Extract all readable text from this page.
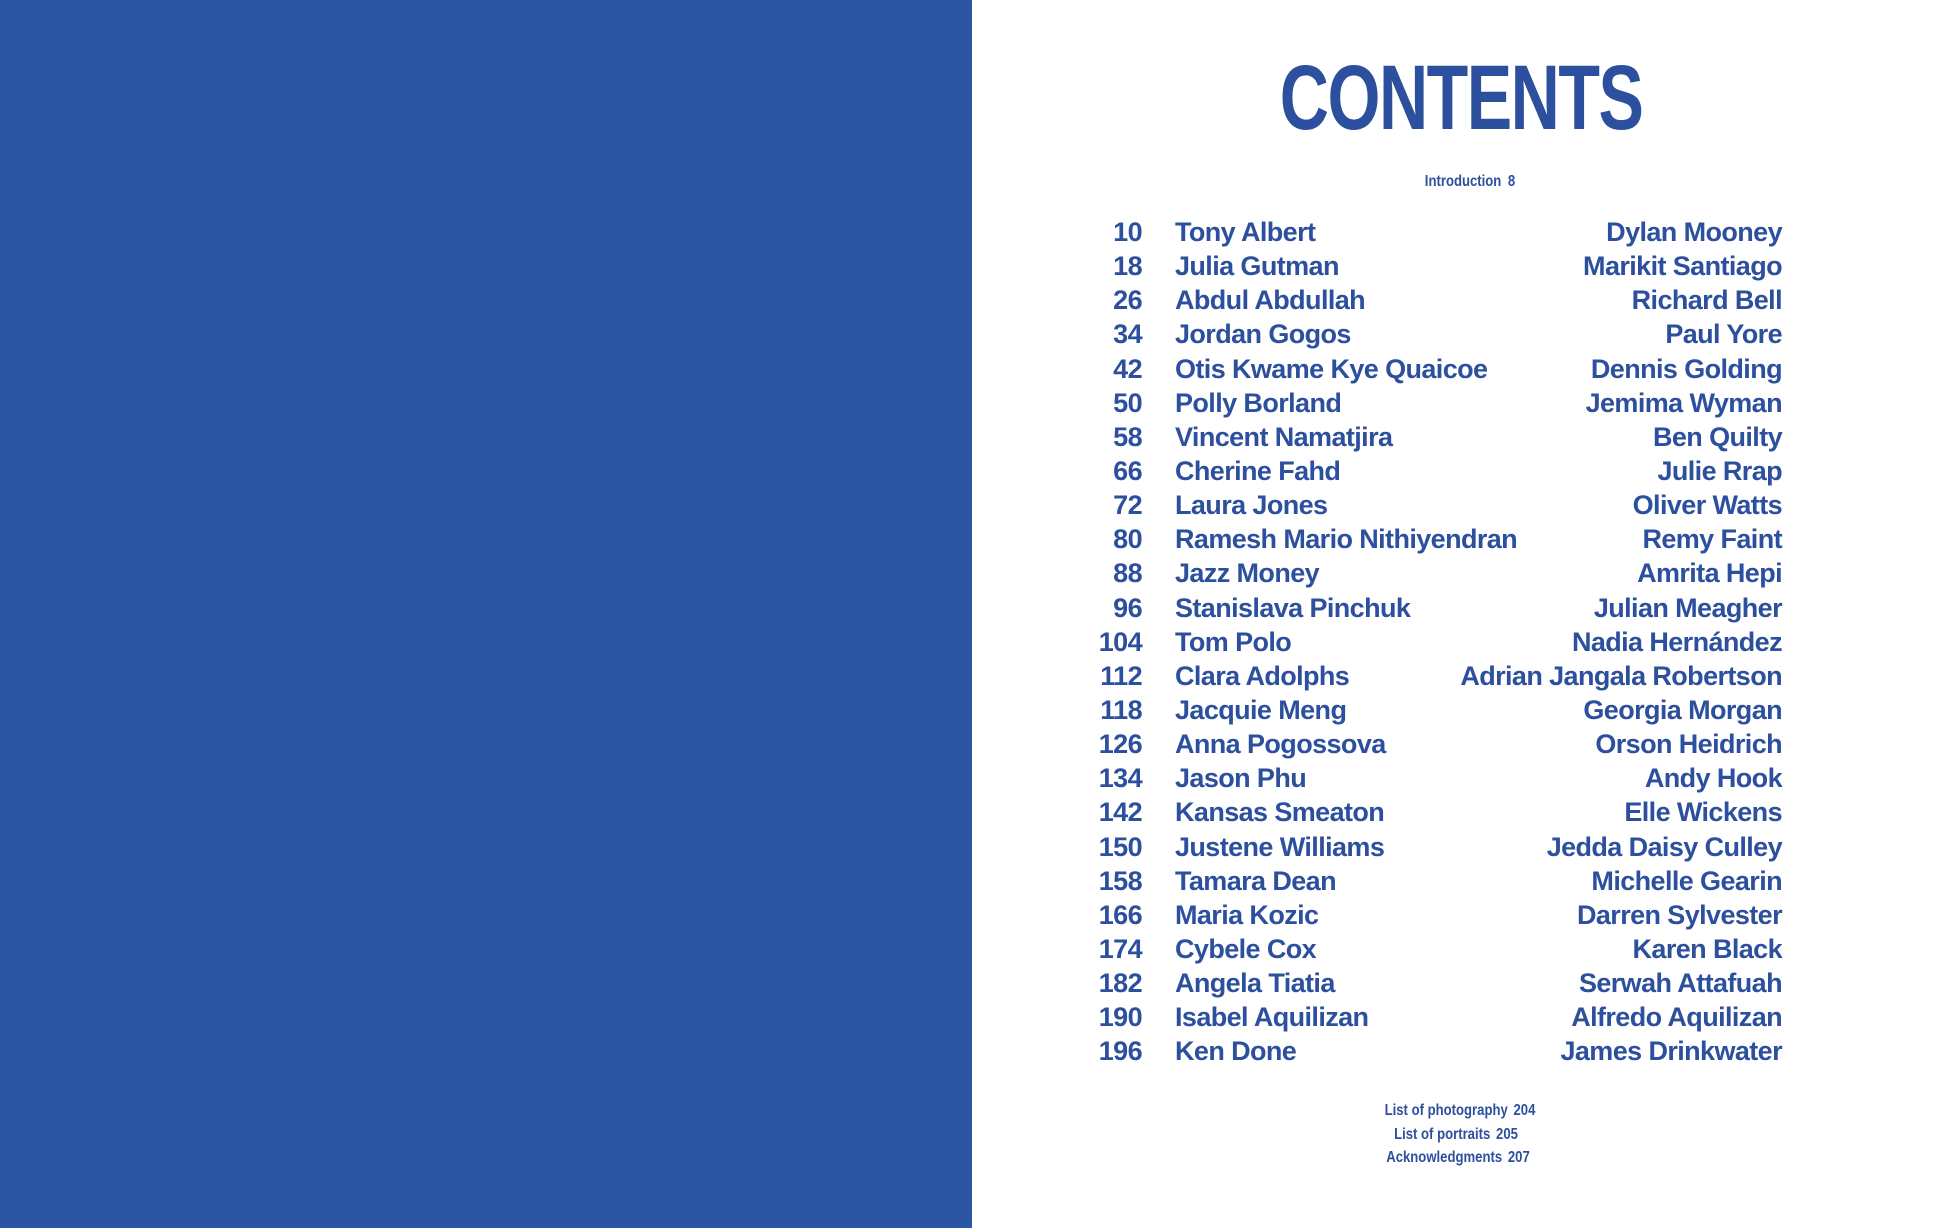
CONTENTS
Introduction 8
10 Tony Albert	Dylan Mooney
18 Julia Gutman	Marikit Santiago
26 Abdul Abdullah	Richard Bell
34 Jordan Gogos	Paul Yore
42 Otis Kwame Kye Quaicoe	Dennis Golding
50 Polly Borland	Jemima Wyman
58 Vincent Namatjira	Ben Quilty
66 Cherine Fahd	Julie Rrap
72 Laura Jones	Oliver Watts
80 Ramesh Mario Nithiyendran	Remy Faint
88 Jazz Money	Amrita Hepi
96 Stanislava Pinchuk	Julian Meagher
104 Tom Polo	Nadia Hernández
112 Clara Adolphs	Adrian Jangala Robertson
118 Jacquie Meng	Georgia Morgan
126 Anna Pogossova	Orson Heidrich
134 Jason Phu	Andy Hook
142 Kansas Smeaton	Elle Wickens
150 Justene Williams	Jedda Daisy Culley
158 Tamara Dean	Michelle Gearin
166 Maria Kozic	Darren Sylvester
174 Cybele Cox	Karen Black
182 Angela Tiatia	Serwah Attafuah
190 Isabel Aquilizan	Alfredo Aquilizan
196 Ken Done	James Drinkwater
List of photography 204
List of portraits 205
Acknowledgments 207
